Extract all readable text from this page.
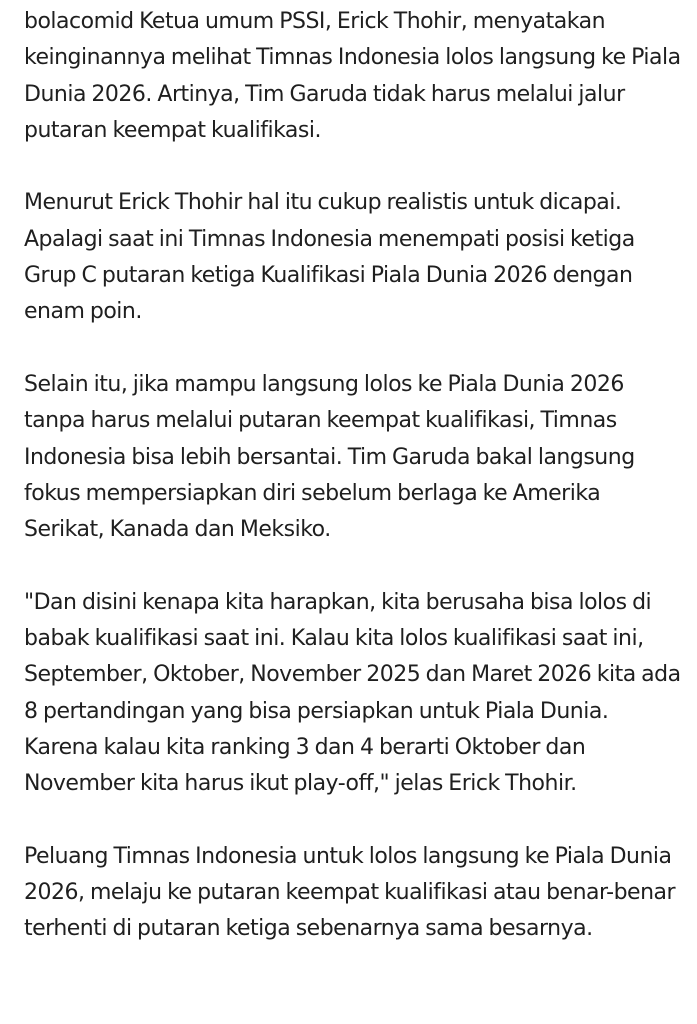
bolacomid Ketua umum PSSI, Erick Thohir, menyatakan keinginannya melihat Timnas Indonesia lolos langsung ke Piala Dunia 2026. Artinya, Tim Garuda tidak harus melalui jalur putaran keempat kualifikasi.

Menurut Erick Thohir hal itu cukup realistis untuk dicapai. Apalagi saat ini Timnas Indonesia menempati posisi ketiga Grup C putaran ketiga Kualifikasi Piala Dunia 2026 dengan enam poin.

Selain itu, jika mampu langsung lolos ke Piala Dunia 2026 tanpa harus melalui putaran keempat kualifikasi, Timnas Indonesia bisa lebih bersantai. Tim Garuda bakal langsung fokus mempersiapkan diri sebelum berlaga ke Amerika Serikat, Kanada dan Meksiko.

"Dan disini kenapa kita harapkan, kita berusaha bisa lolos di babak kualifikasi saat ini. Kalau kita lolos kualifikasi saat ini, September, Oktober, November 2025 dan Maret 2026 kita ada 8 pertandingan yang bisa persiapkan untuk Piala Dunia. Karena kalau kita ranking 3 dan 4 berarti Oktober dan November kita harus ikut play-off," jelas Erick Thohir.

Peluang Timnas Indonesia untuk lolos langsung ke Piala Dunia 2026, melaju ke putaran keempat kualifikasi atau benar-benar terhenti di putaran ketiga sebenarnya sama besarnya.
